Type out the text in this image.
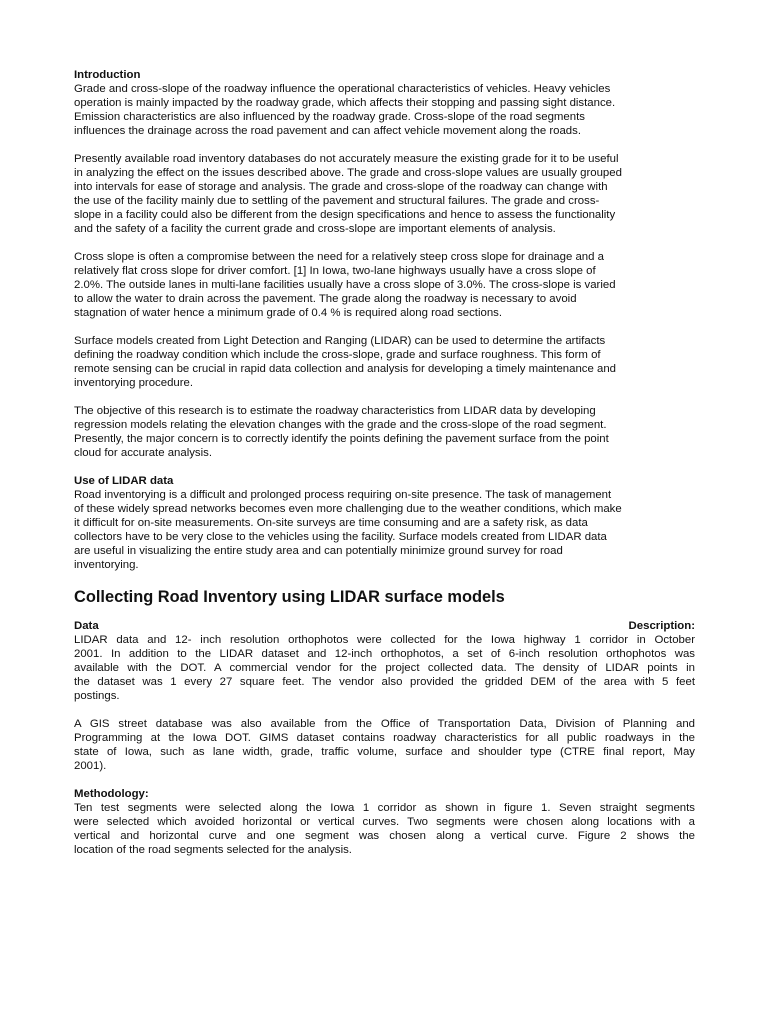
Introduction
Grade and cross-slope of the roadway influence the operational characteristics of vehicles. Heavy vehicles
operation is mainly impacted by the roadway grade, which affects their stopping and passing sight distance.
Emission characteristics are also influenced by the roadway grade. Cross-slope of the road segments
influences the drainage across the road pavement and can affect vehicle movement along the roads.
Presently available road inventory databases do not accurately measure the existing grade for it to be useful
in analyzing the effect on the issues described above. The grade and cross-slope values are usually grouped
into intervals for ease of storage and analysis. The grade and cross-slope of the roadway can change with
the use of the facility mainly due to settling of the pavement and structural failures. The grade and cross-
slope in a facility could also be different from the design specifications and hence to assess the functionality
and the safety of a facility the current grade and cross-slope are important elements of analysis.
Cross slope is often a compromise between the need for a relatively steep cross slope for drainage and a
relatively flat cross slope for driver comfort. [1] In Iowa, two-lane highways usually have a cross slope of
2.0%. The outside lanes in multi-lane facilities usually have a cross slope of 3.0%. The cross-slope is varied
to allow the water to drain across the pavement. The grade along the roadway is necessary to avoid
stagnation of water hence a minimum grade of 0.4 % is required along road sections.
Surface models created from Light Detection and Ranging (LIDAR) can be used to determine the artifacts
defining the roadway condition which include the cross-slope, grade and surface roughness. This form of
remote sensing can be crucial in rapid data collection and analysis for developing a timely maintenance and
inventorying procedure.
The objective of this research is to estimate the roadway characteristics from LIDAR data by developing
regression models relating the elevation changes with the grade and the cross-slope of the road segment.
Presently, the major concern is to correctly identify the points defining the pavement surface from the point
cloud for accurate analysis.
Use of LIDAR data
Road inventorying is a difficult and prolonged process requiring on-site presence. The task of management
of these widely spread networks becomes even more challenging due to the weather conditions, which make
it difficult for on-site measurements. On-site surveys are time consuming and are a safety risk, as data
collectors have to be very close to the vehicles using the facility. Surface models created from LIDAR data
are useful in visualizing the entire study area and can potentially minimize ground survey for road
inventorying.
Collecting Road Inventory using LIDAR surface models
Data	Description:
LIDAR data and 12- inch resolution orthophotos were collected for the Iowa highway 1 corridor in October
2001. In addition to the LIDAR dataset and 12-inch orthophotos, a set of 6-inch resolution orthophotos was
available with the DOT. A commercial vendor for the project collected data. The density of LIDAR points in
the dataset was 1 every 27 square feet. The vendor also provided the gridded DEM of the area with 5 feet
postings.
A GIS street database was also available from the Office of Transportation Data, Division of Planning and
Programming at the Iowa DOT. GIMS dataset contains roadway characteristics for all public roadways in the
state of Iowa, such as lane width, grade, traffic volume, surface and shoulder type (CTRE final report, May
2001).
Methodology:
Ten test segments were selected along the Iowa 1 corridor as shown in figure 1. Seven straight segments
were selected which avoided horizontal or vertical curves. Two segments were chosen along locations with a
vertical and horizontal curve and one segment was chosen along a vertical curve. Figure 2 shows the
location of the road segments selected for the analysis.
